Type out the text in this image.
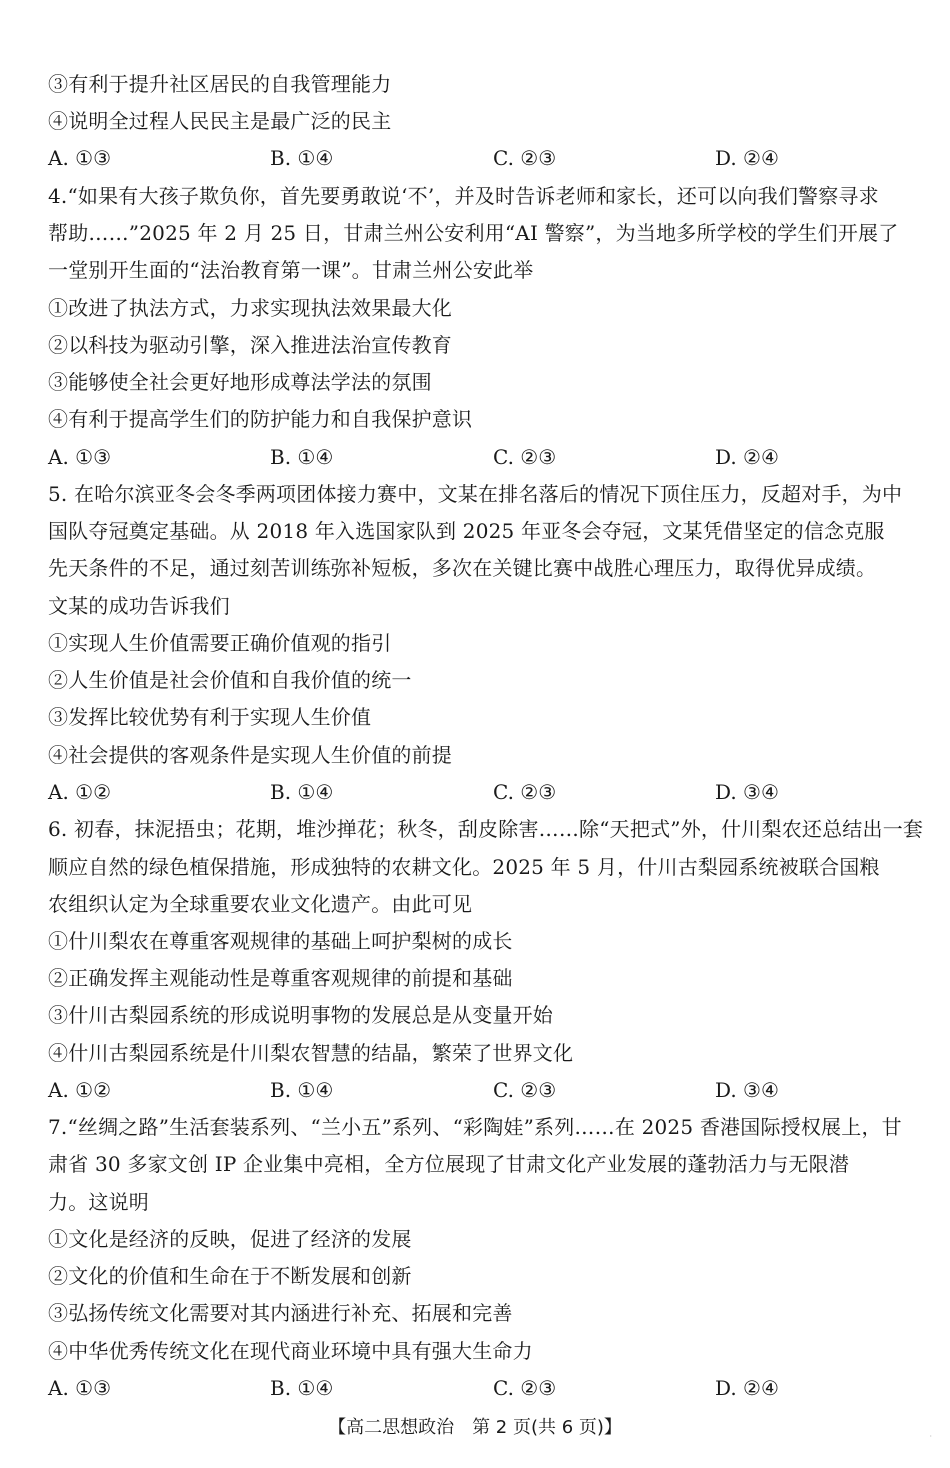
③有利于提升社区居民的自我管理能力
④说明全过程人民民主是最广泛的民主
A. ①③	B. ①④	C. ②③	D. ②④
4.“如果有大孩子欺负你，首先要勇敢说‘不’，并及时告诉老师和家长，还可以向我们警察寻求
帮助……”2025 年 2 月 25 日，甘肃兰州公安利用“AI 警察”，为当地多所学校的学生们开展了
一堂别开生面的“法治教育第一课”。甘肃兰州公安此举
①改进了执法方式，力求实现执法效果最大化
②以科技为驱动引擎，深入推进法治宣传教育
③能够使全社会更好地形成尊法学法的氛围
④有利于提高学生们的防护能力和自我保护意识
A. ①③	B. ①④	C. ②③	D. ②④
5. 在哈尔滨亚冬会冬季两项团体接力赛中，文某在排名落后的情况下顶住压力，反超对手，为中
国队夺冠奠定基础。从 2018 年入选国家队到 2025 年亚冬会夺冠，文某凭借坚定的信念克服
先天条件的不足，通过刻苦训练弥补短板，多次在关键比赛中战胜心理压力，取得优异成绩。
文某的成功告诉我们
①实现人生价值需要正确价值观的指引
②人生价值是社会价值和自我价值的统一
③发挥比较优势有利于实现人生价值
④社会提供的客观条件是实现人生价值的前提
A. ①②	B. ①④	C. ②③	D. ③④
6. 初春，抹泥捂虫；花期，堆沙掸花；秋冬，刮皮除害……除“天把式”外，什川梨农还总结出一套
顺应自然的绿色植保措施，形成独特的农耕文化。2025 年 5 月，什川古梨园系统被联合国粮
农组织认定为全球重要农业文化遗产。由此可见
①什川梨农在尊重客观规律的基础上呵护梨树的成长
②正确发挥主观能动性是尊重客观规律的前提和基础
③什川古梨园系统的形成说明事物的发展总是从变量开始
④什川古梨园系统是什川梨农智慧的结晶，繁荣了世界文化
A. ①②	B. ①④	C. ②③	D. ③④
7.“丝绸之路”生活套装系列、“兰小五”系列、“彩陶娃”系列……在 2025 香港国际授权展上，甘
肃省 30 多家文创 IP 企业集中亮相，全方位展现了甘肃文化产业发展的蓬勃活力与无限潜
力。这说明
①文化是经济的反映，促进了经济的发展
②文化的价值和生命在于不断发展和创新
③弘扬传统文化需要对其内涵进行补充、拓展和完善
④中华优秀传统文化在现代商业环境中具有强大生命力
A. ①③	B. ①④	C. ②③	D. ②④
【高二思想政治　第 2 页(共 6 页)】	·
